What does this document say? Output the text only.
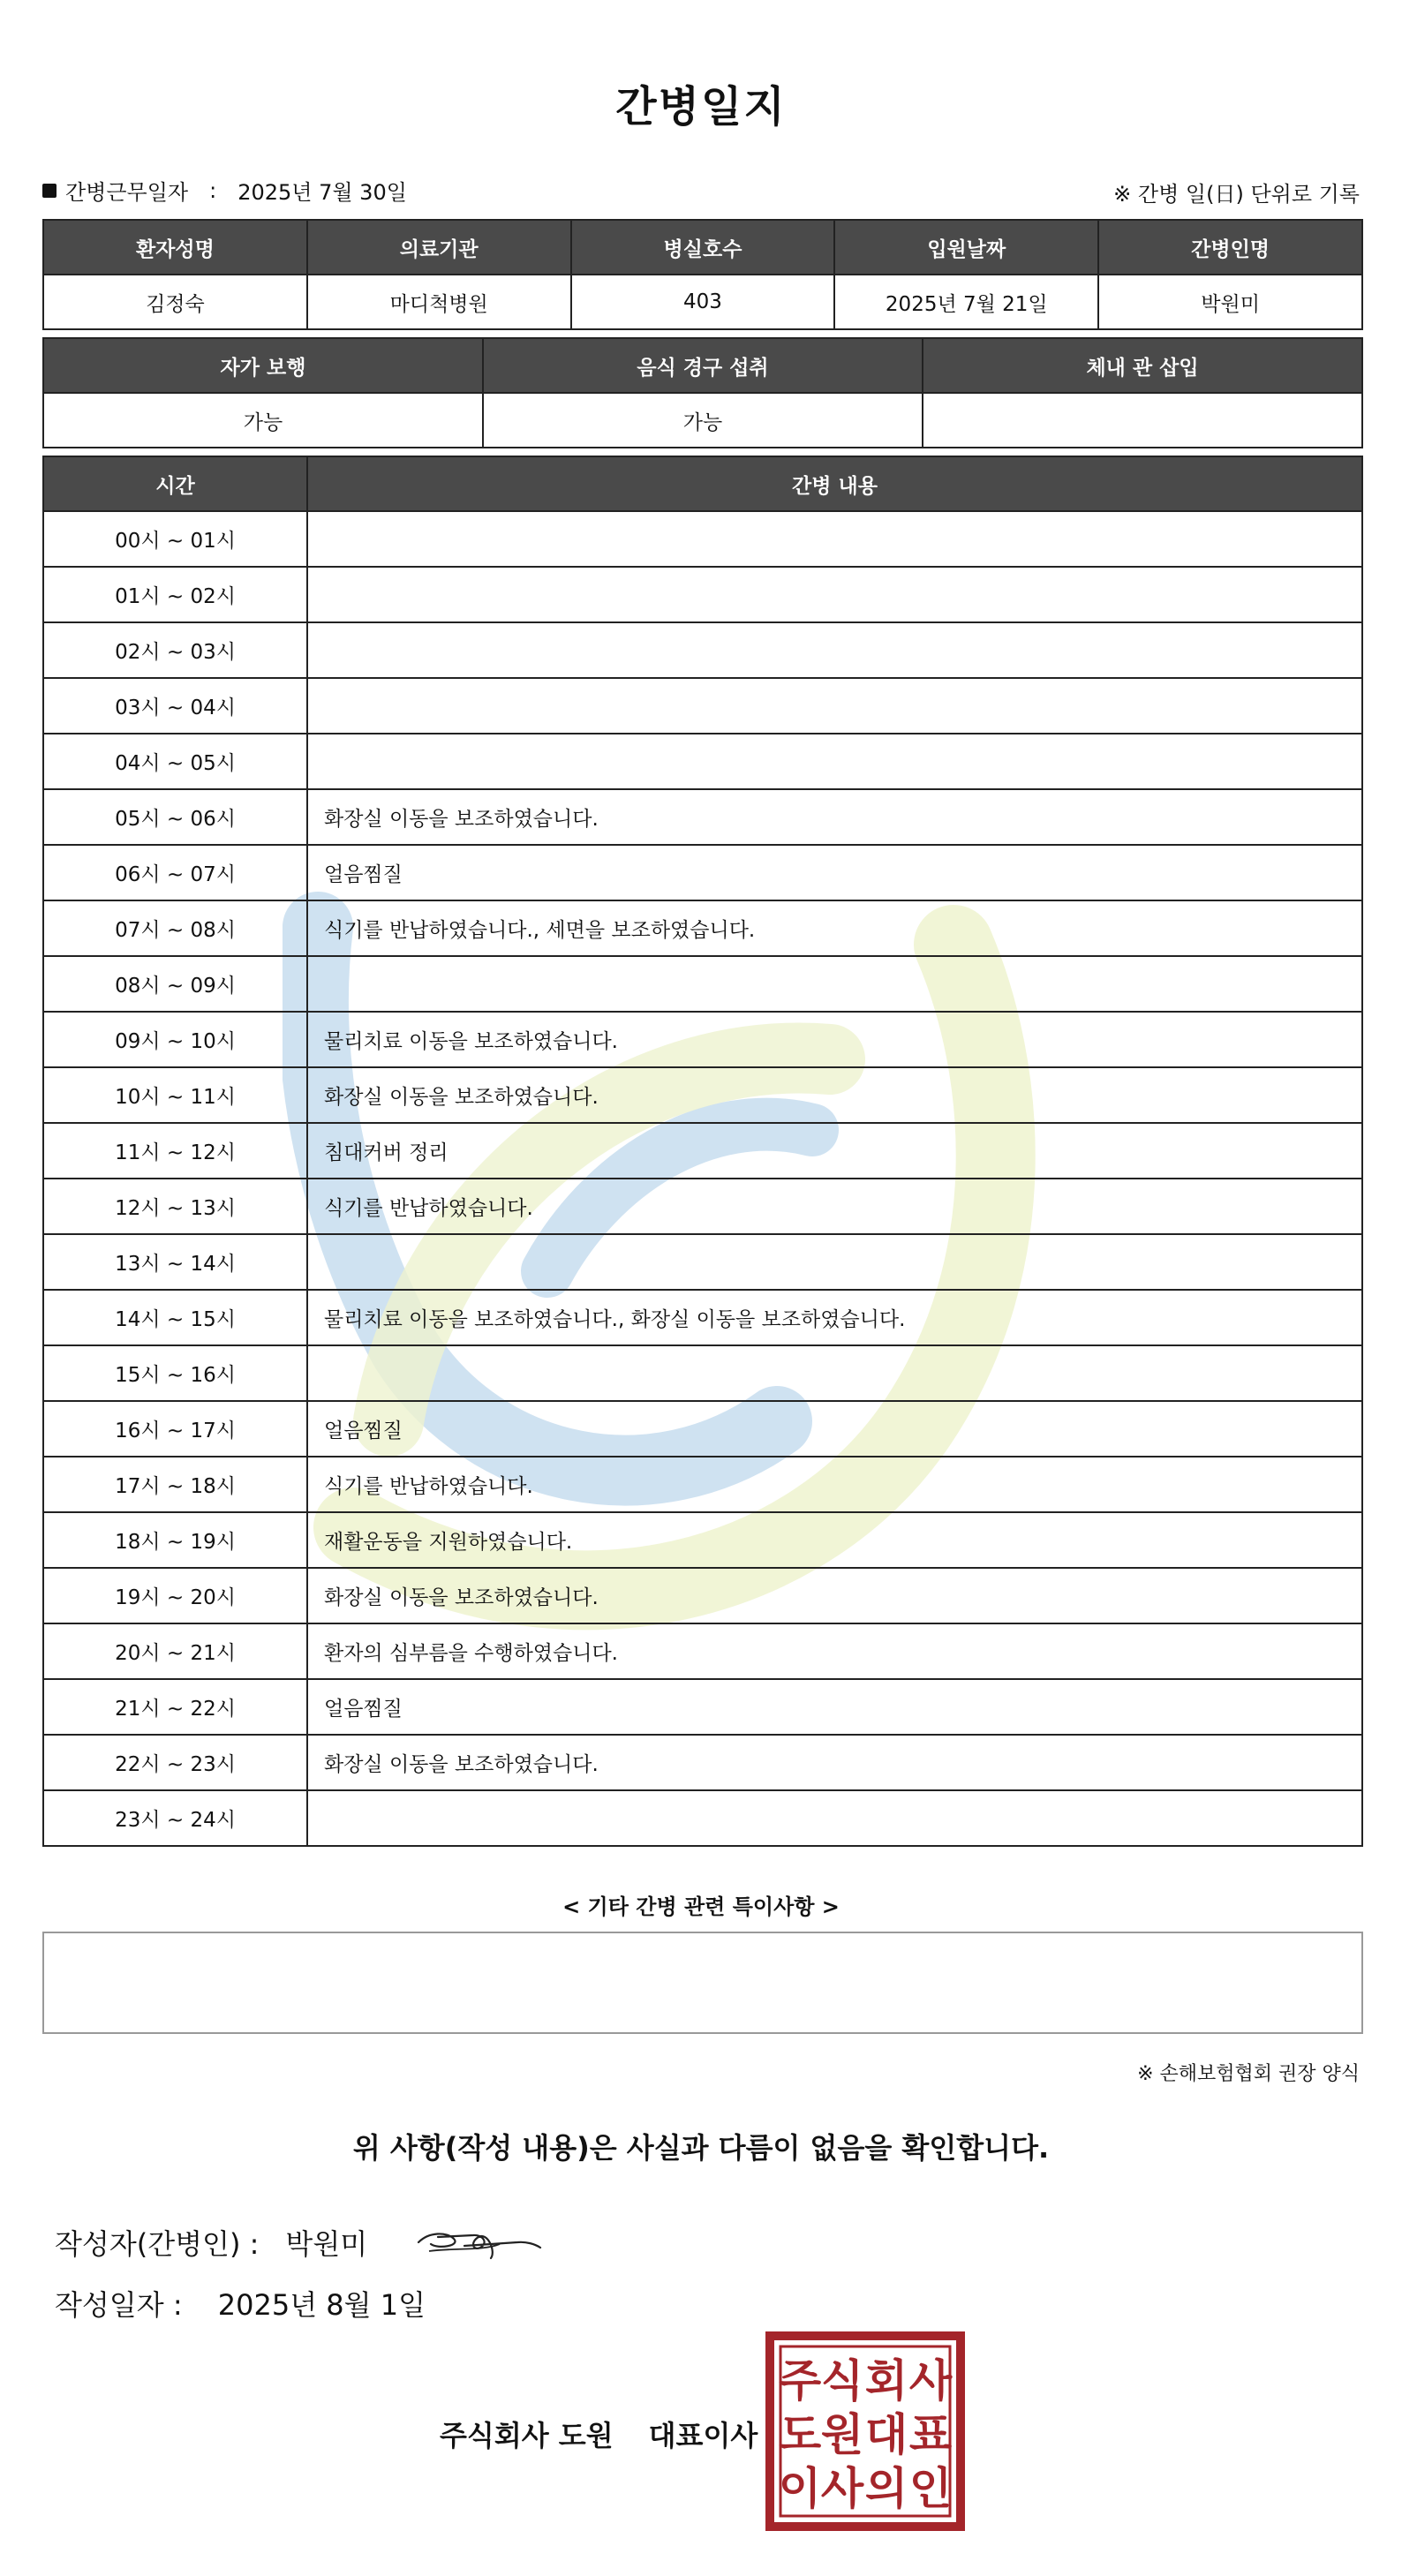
간병일지
간병근무일자 : 2025년 7월 30일	※ 간병 일(日) 단위로 기록
환자성명	의료기관	병실호수	입원날짜	간병인명
김정숙	마디척병원	403	2025년 7월 21일	박원미
자가 보행	음식 경구 섭취	체내 관 삽입
가능	가능	
시간	간병 내용
00시 ~ 01시	
01시 ~ 02시	
02시 ~ 03시	
03시 ~ 04시	
04시 ~ 05시	
05시 ~ 06시	화장실 이동을 보조하였습니다.
06시 ~ 07시	얼음찜질
07시 ~ 08시	식기를 반납하였습니다., 세면을 보조하였습니다.
08시 ~ 09시	
09시 ~ 10시	물리치료 이동을 보조하였습니다.
10시 ~ 11시	화장실 이동을 보조하였습니다.
11시 ~ 12시	침대커버 정리
12시 ~ 13시	식기를 반납하였습니다.
13시 ~ 14시	
14시 ~ 15시	물리치료 이동을 보조하였습니다., 화장실 이동을 보조하였습니다.
15시 ~ 16시	
16시 ~ 17시	얼음찜질
17시 ~ 18시	식기를 반납하였습니다.
18시 ~ 19시	재활운동을 지원하였습니다.
19시 ~ 20시	화장실 이동을 보조하였습니다.
20시 ~ 21시	환자의 심부름을 수행하였습니다.
21시 ~ 22시	얼음찜질
22시 ~ 23시	화장실 이동을 보조하였습니다.
23시 ~ 24시	
< 기타 간병 관련 특이사항 >
※ 손해보험협회 권장 양식
위 사항(작성 내용)은 사실과 다름이 없음을 확인합니다.
작성자(간병인) : 박원미
작성일자 : 2025년 8월 1일
주식회사 도원 대표이사
주 식 회 사
도 원 대 표
이 사 의 인
